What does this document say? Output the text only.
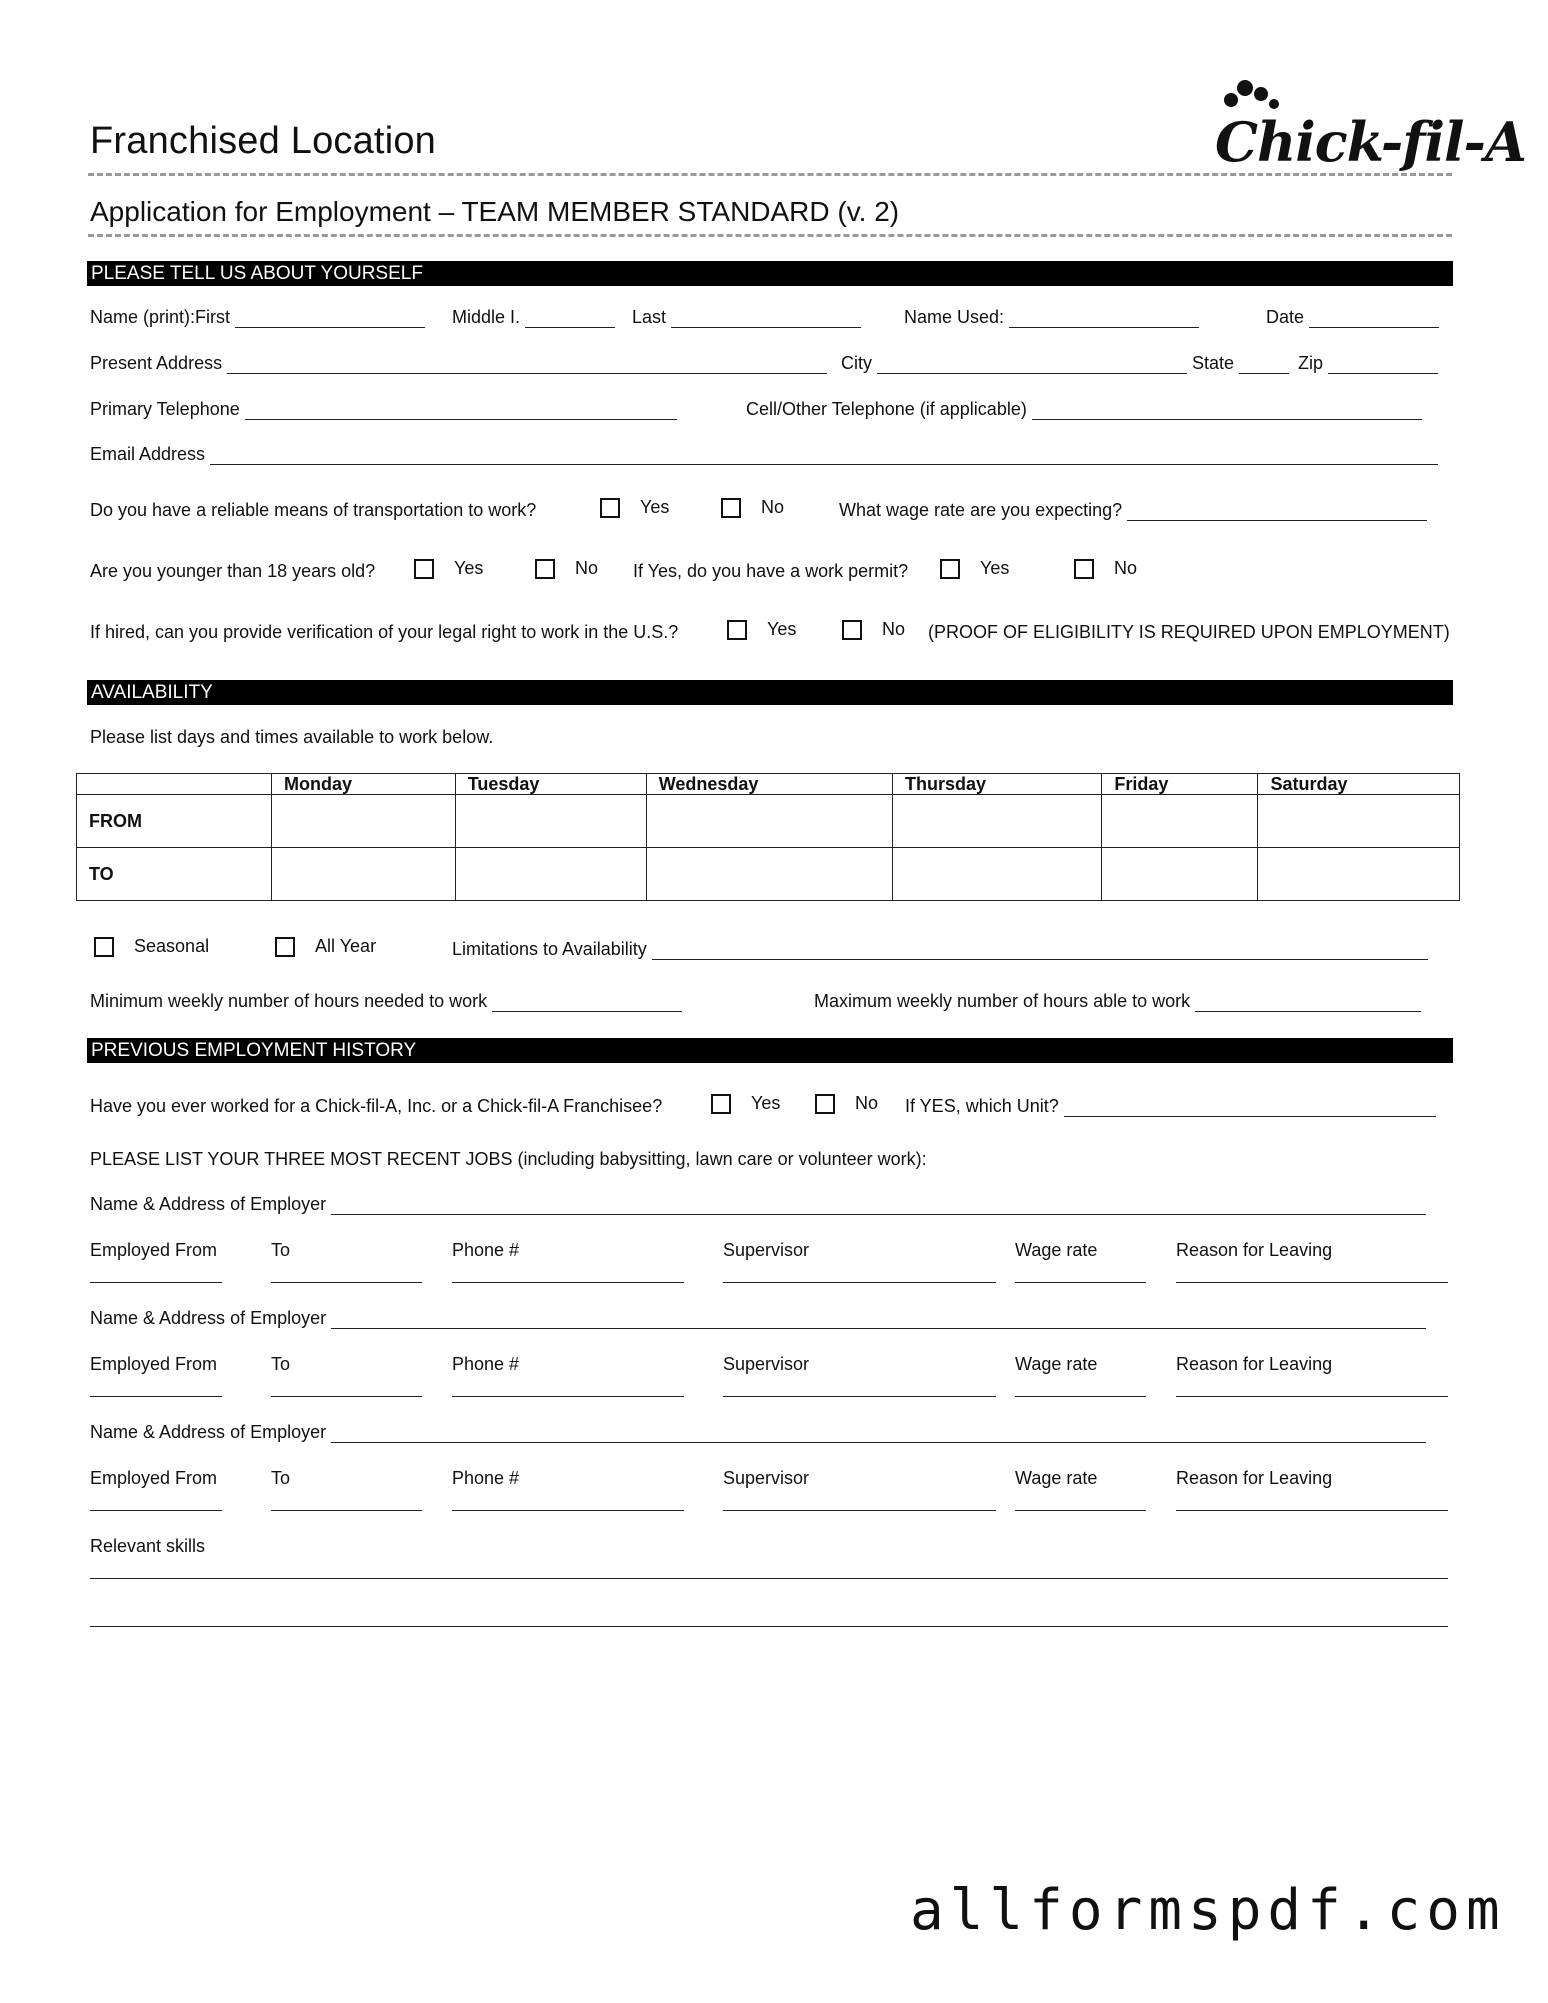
Franchised Location	Chick-fil-A
Application for Employment – TEAM MEMBER STANDARD (v. 2)
PLEASE TELL US ABOUT YOURSELF
Name (print):First	Middle I.	Last	Name Used:	Date
Present Address	City	State	Zip
Primary Telephone	Cell/Other Telephone (if applicable)
Email Address
Do you have a reliable means of transportation to work?	Yes	No	What wage rate are you expecting?
Are you younger than 18 years old?	Yes	No If Yes, do you have a work permit?	Yes	No
If hired, can you provide verification of your legal right to work in the U.S.?	Yes	No (PROOF OF ELIGIBILITY IS REQUIRED UPON EMPLOYMENT)
AVAILABILITY
Please list days and times available to work below.
	Monday	Tuesday	Wednesday	Thursday	Friday	Saturday
FROM						
TO						
Seasonal	All Year	Limitations to Availability
Minimum weekly number of hours needed to work	Maximum weekly number of hours able to work
PREVIOUS EMPLOYMENT HISTORY
Have you ever worked for a Chick-fil-A, Inc. or a Chick-fil-A Franchisee?	Yes	No If YES, which Unit?
PLEASE LIST YOUR THREE MOST RECENT JOBS (including babysitting, lawn care or volunteer work):
Name & Address of Employer
Employed From	To	Phone #	Supervisor	Wage rate	Reason for Leaving
Name & Address of Employer
Employed From	To	Phone #	Supervisor	Wage rate	Reason for Leaving
Name & Address of Employer
Employed From	To	Phone #	Supervisor	Wage rate	Reason for Leaving
Relevant skills
allformspdf.com
